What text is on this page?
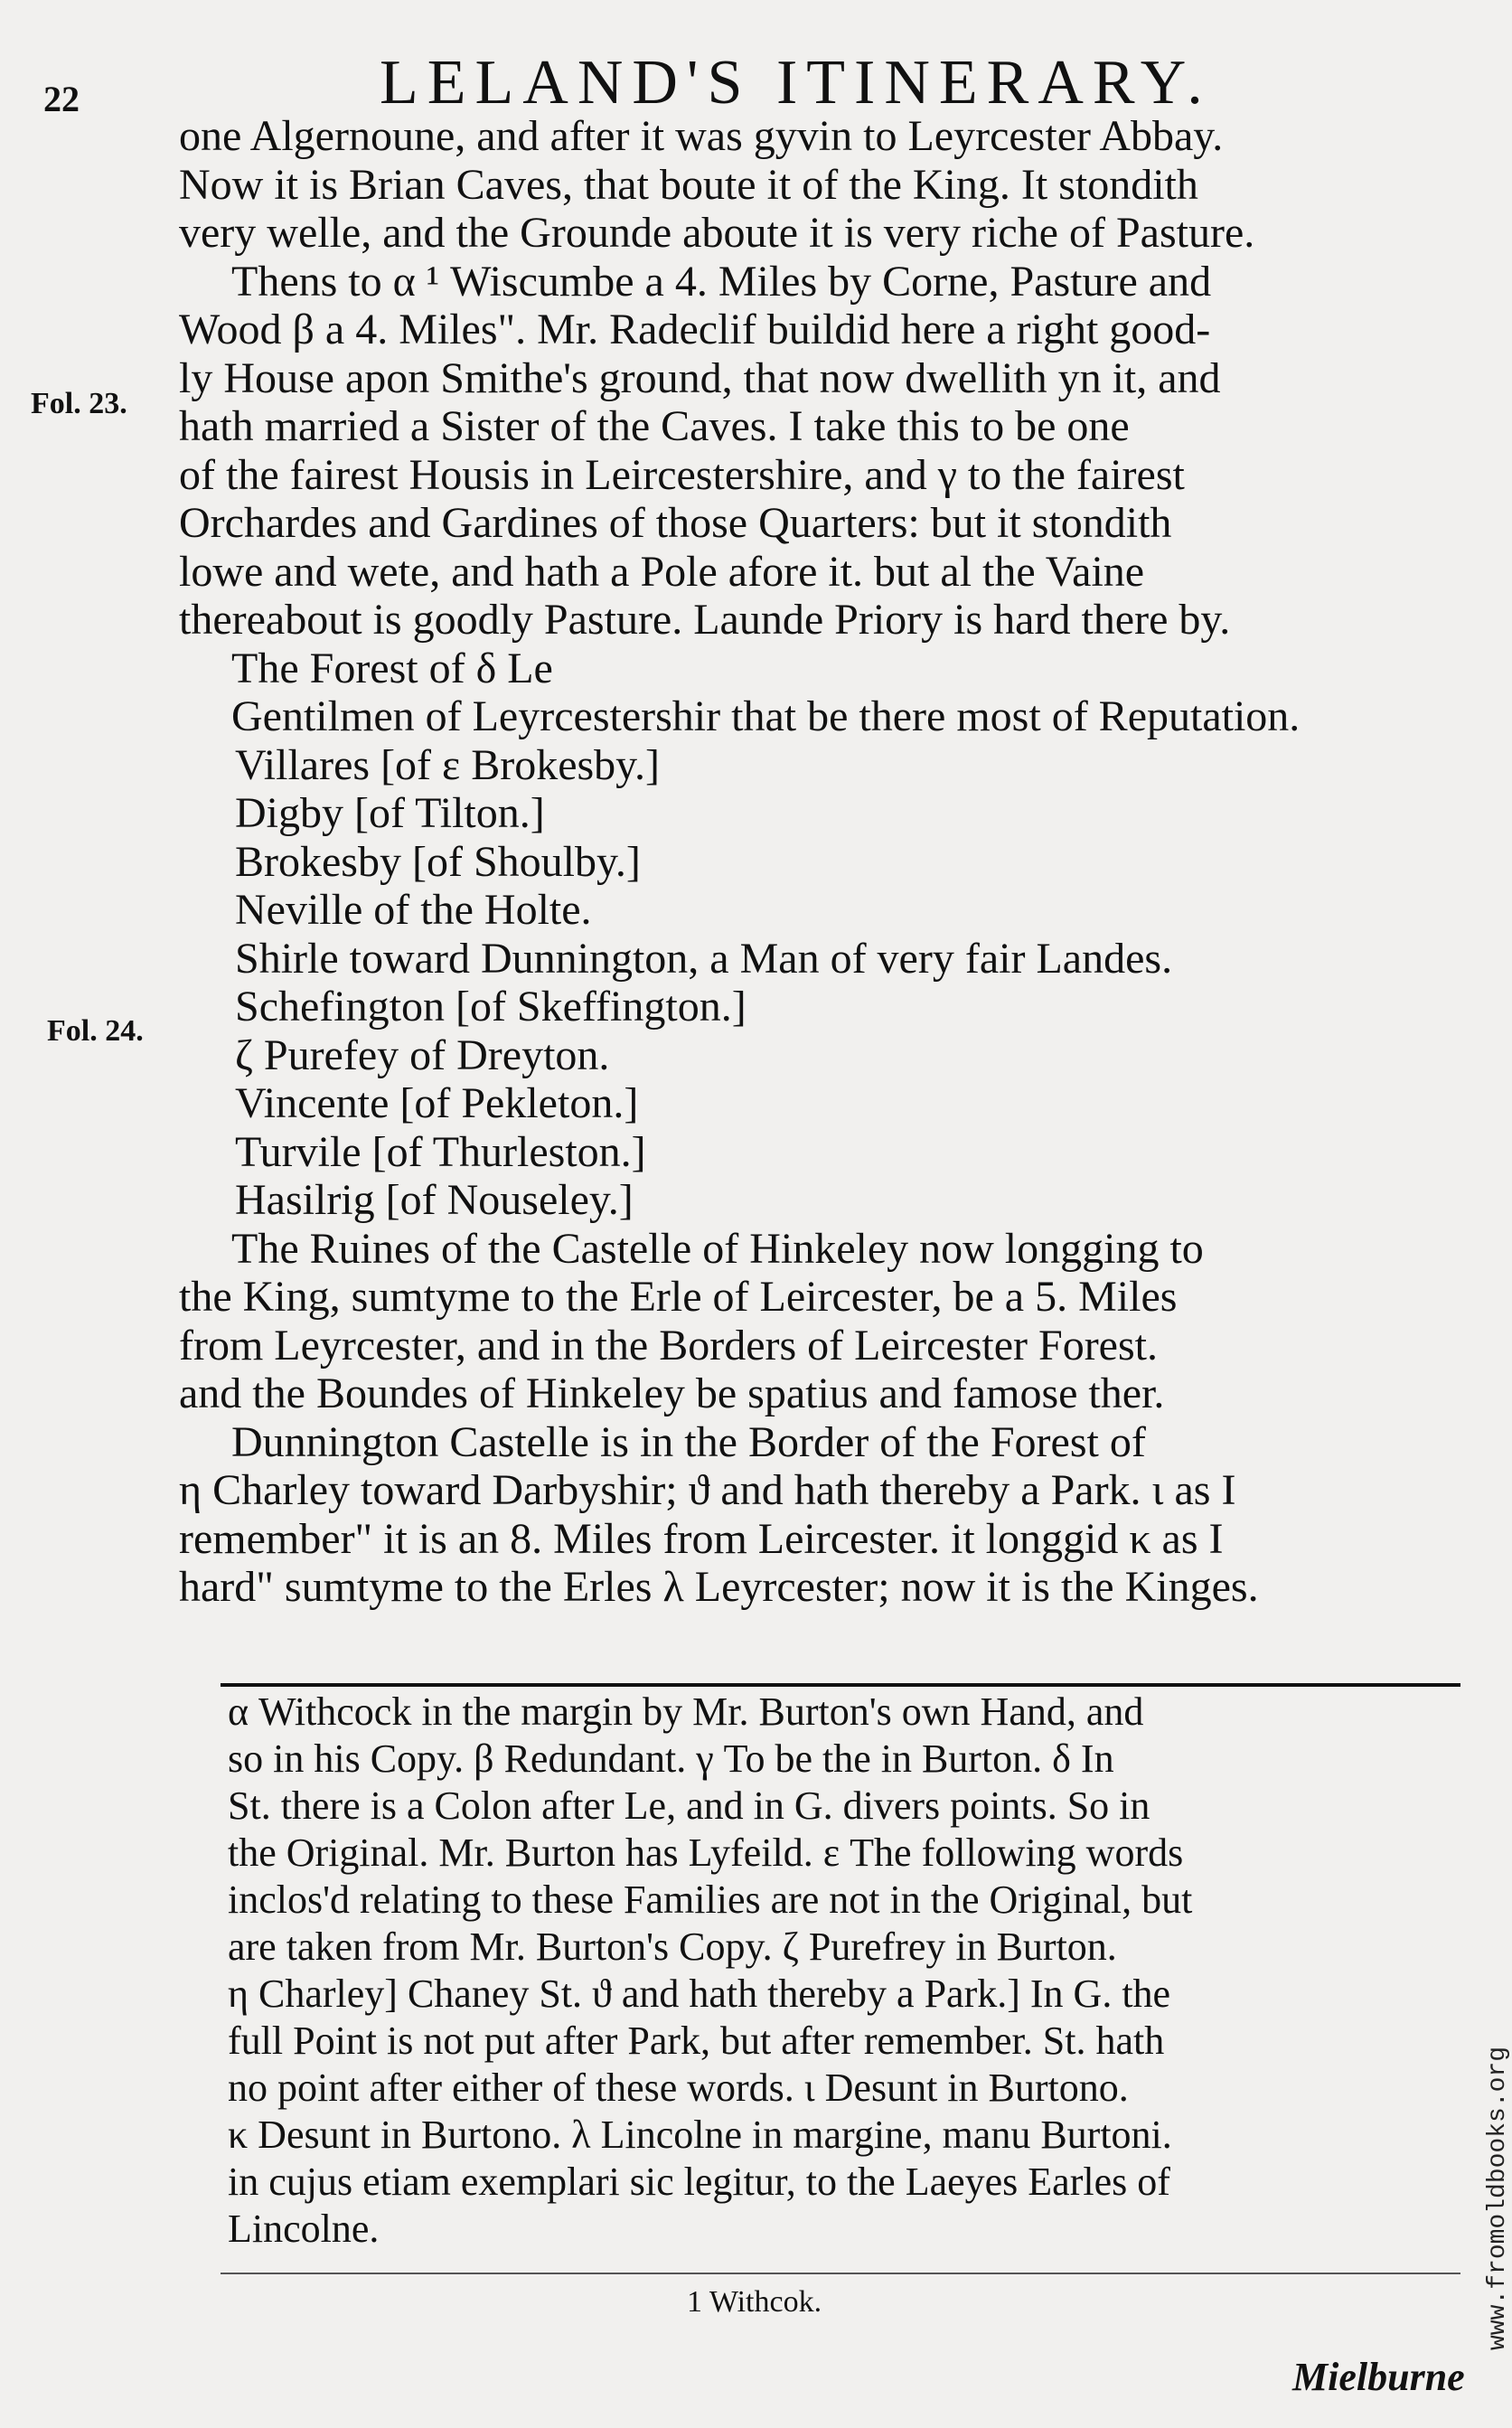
22	LELAND'S ITINERARY.
Fol. 23.
Fol. 24.
one Algernoune, and after it was gyvin to Leyrcester Abbay.
Now it is Brian Caves, that boute it of the King. It stondith
very welle, and the Grounde aboute it is very riche of Pasture.
Thens to α ¹ Wiscumbe a 4. Miles by Corne, Pasture and
Wood β a 4. Miles". Mr. Radeclif buildid here a right good-
ly House apon Smithe's ground, that now dwellith yn it, and
hath married a Sister of the Caves. I take this to be one
of the fairest Housis in Leircestershire, and γ to the fairest
Orchardes and Gardines of those Quarters: but it stondith
lowe and wete, and hath a Pole afore it. but al the Vaine
thereabout is goodly Pasture. Launde Priory is hard there by.
The Forest of δ Le
Gentilmen of Leyrcestershir that be there most of Reputation.
Villares [of ε Brokesby.]
Digby [of Tilton.]
Brokesby [of Shoulby.]
Neville of the Holte.
Shirle toward Dunnington, a Man of very fair Landes.
Schefington [of Skeffington.]
ζ Purefey of Dreyton.
Vincente [of Pekleton.]
Turvile [of Thurleston.]
Hasilrig [of Nouseley.]
The Ruines of the Castelle of Hinkeley now longging to
the King, sumtyme to the Erle of Leircester, be a 5. Miles
from Leyrcester, and in the Borders of Leircester Forest.
and the Boundes of Hinkeley be spatius and famose ther.
Dunnington Castelle is in the Border of the Forest of
η Charley toward Darbyshir; ϑ and hath thereby a Park. ι as I
remember" it is an 8. Miles from Leircester. it longgid κ as I
hard" sumtyme to the Erles λ Leyrcester; now it is the Kinges.
α Withcock in the margin by Mr. Burton's own Hand, and
so in his Copy. β Redundant. γ To be the in Burton. δ In
St. there is a Colon after Le, and in G. divers points. So in
the Original. Mr. Burton has Lyfeild. ε The following words
inclos'd relating to these Families are not in the Original, but
are taken from Mr. Burton's Copy. ζ Purefrey in Burton.
η Charley] Chaney St. ϑ and hath thereby a Park.] In G. the
full Point is not put after Park, but after remember. St. hath
no point after either of these words. ι Desunt in Burtono.
κ Desunt in Burtono. λ Lincolne in margine, manu Burtoni.
in cujus etiam exemplari sic legitur, to the Laeyes Earles of
Lincolne.
1 Withcok.
Mielburne
www.fromoldbooks.org
